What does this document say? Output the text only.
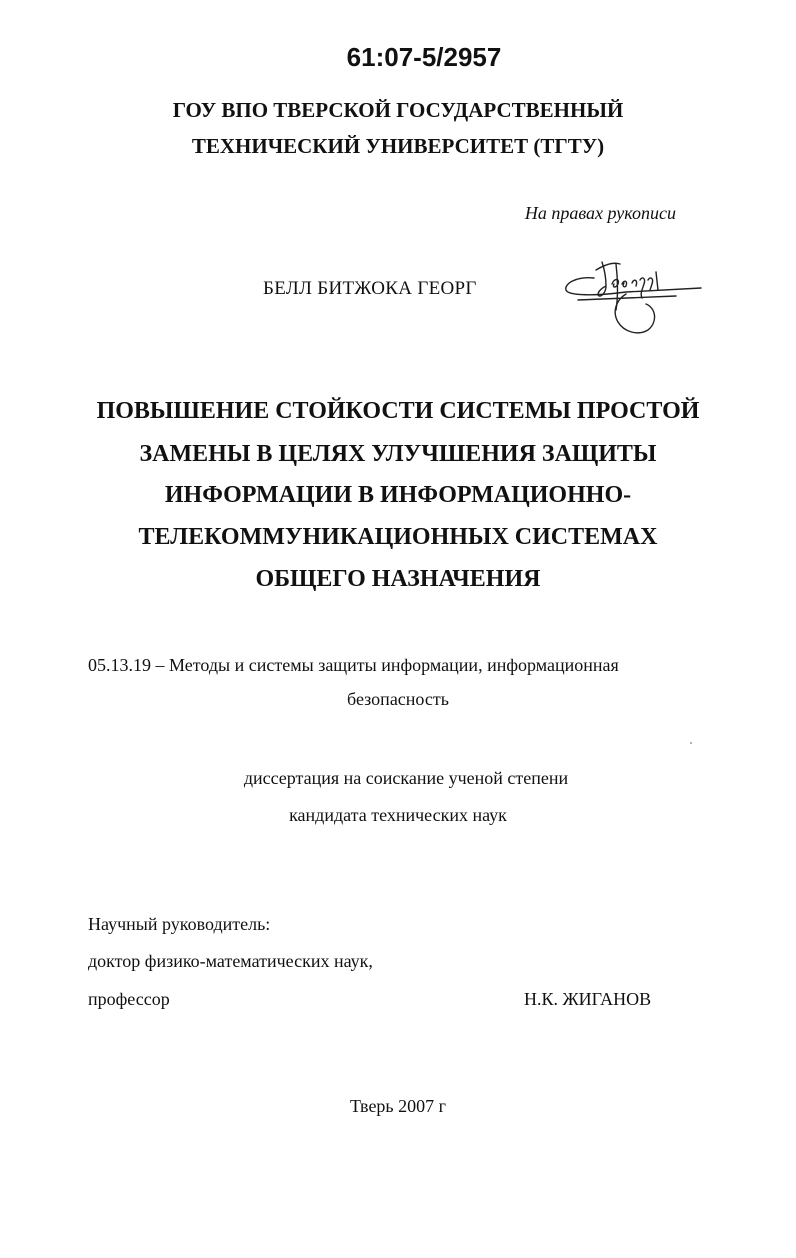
61:07-5/2957
ГОУ ВПО ТВЕРСКОЙ ГОСУДАРСТВЕННЫЙ
ТЕХНИЧЕСКИЙ УНИВЕРСИТЕТ (ТГТУ)
На правах рукописи
БЕЛЛ БИТЖОКА ГЕОРГ
ПОВЫШЕНИЕ СТОЙКОСТИ СИСТЕМЫ ПРОСТОЙ
ЗАМЕНЫ В ЦЕЛЯХ УЛУЧШЕНИЯ ЗАЩИТЫ
ИНФОРМАЦИИ В ИНФОРМАЦИОННО-
ТЕЛЕКОММУНИКАЦИОННЫХ СИСТЕМАХ
ОБЩЕГО НАЗНАЧЕНИЯ
05.13.19 – Методы и системы защиты информации, информационная
безопасность
диссертация на соискание ученой степени
кандидата технических наук
Научный руководитель:
доктор физико-математических наук,
профессор	Н.К. ЖИГАНОВ
Тверь 2007 г
